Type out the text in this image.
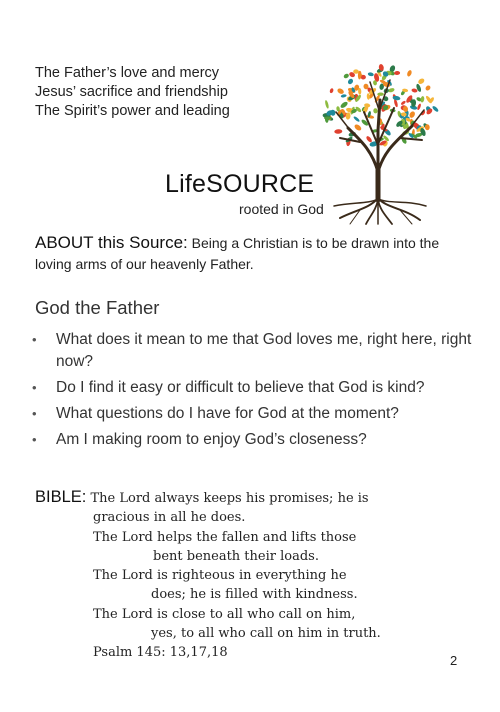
The Father’s love and mercy
Jesus’ sacrifice and friendship
The Spirit’s power and leading
LifeSOURCE
rooted in God
ABOUT this Source: Being a Christian is to be drawn into the loving arms of our heavenly Father.
God the Father
• What does it mean to me that God loves me, right here, right now?
• Do I find it easy or difficult to believe that God is kind?
• What questions do I have for God at the moment?
• Am I making room to enjoy God’s closeness?
BIBLE: The Lord always keeps his promises; he is
gracious in all he does.
The Lord helps the fallen and lifts those
bent beneath their loads.
The Lord is righteous in everything he
does; he is filled with kindness.
The Lord is close to all who call on him,
yes, to all who call on him in truth.
Psalm 145: 13,17,18
2
